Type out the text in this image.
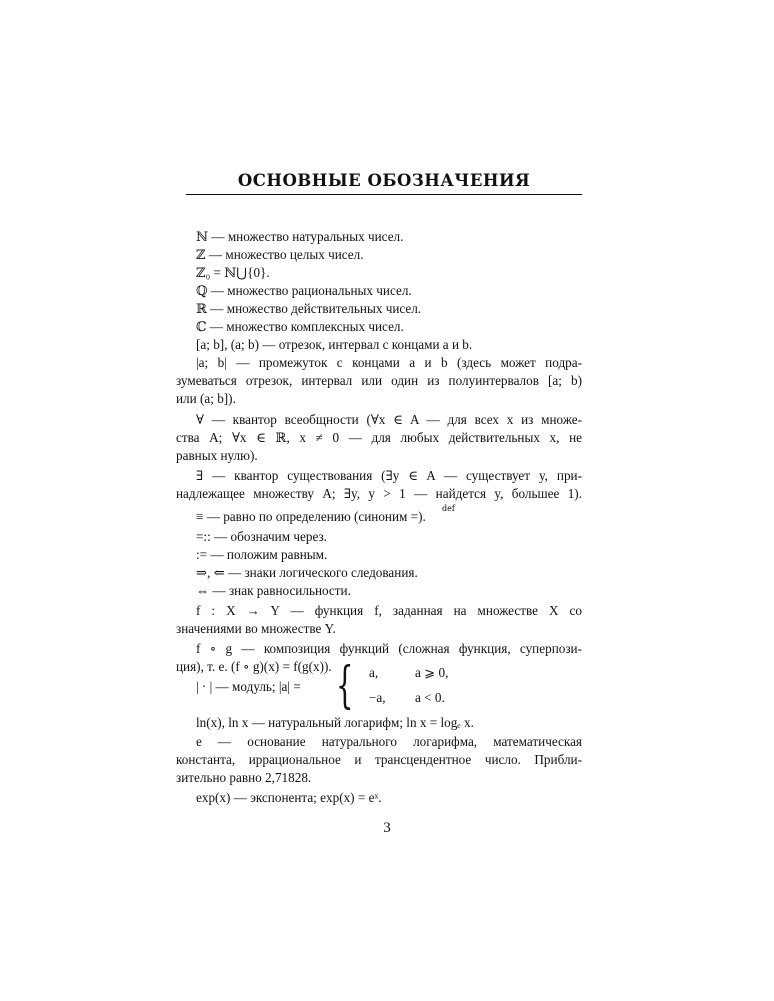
ОСНОВНЫЕ ОБОЗНАЧЕНИЯ
ℕ — множество натуральных чисел.
ℤ — множество целых чисел.
ℤ₀ = ℕ⋃{0}.
ℚ — множество рациональных чисел.
ℝ — множество действительных чисел.
ℂ — множество комплексных чисел.
[a; b], (a; b) — отрезок, интервал с концами a и b.
|a; b| — промежуток с концами a и b (здесь может подра-
зумеваться отрезок, интервал или один из полуинтервалов [a; b)
или (a; b]).
∀ — квантор всеобщности (∀x ∈ A — для всех x из множе-
ства A; ∀x ∈ ℝ, x ≠ 0 — для любых действительных x, не
равных нулю).
∃ — квантор существования (∃y ∈ A — существует y, при-
надлежащее множеству A; ∃y, y > 1 — найдется y, большее 1).
≡ — равно по определению (синоним =).
def
=:: — обозначим через.
:= — положим равным.
⇒, ⇐ — знаки логического следования.
⇔ — знак равносильности.
f : X → Y — функция f, заданная на множестве X со
значениями во множестве Y.
f ∘ g — композиция функций (сложная функция, суперпози-
ция), т. е. (f ∘ g)(x) = f(g(x)).
| · | — модуль; |a| = { a,	a ⩾ 0,
−a, a < 0.
ln(x), ln x — натуральный логарифм; ln x = logₑ x.
e — основание натурального логарифма, математическая
константа, иррациональное и трансцендентное число. Прибли-
зительно равно 2,71828.
exp(x) — экспонента; exp(x) = eˣ.
3
